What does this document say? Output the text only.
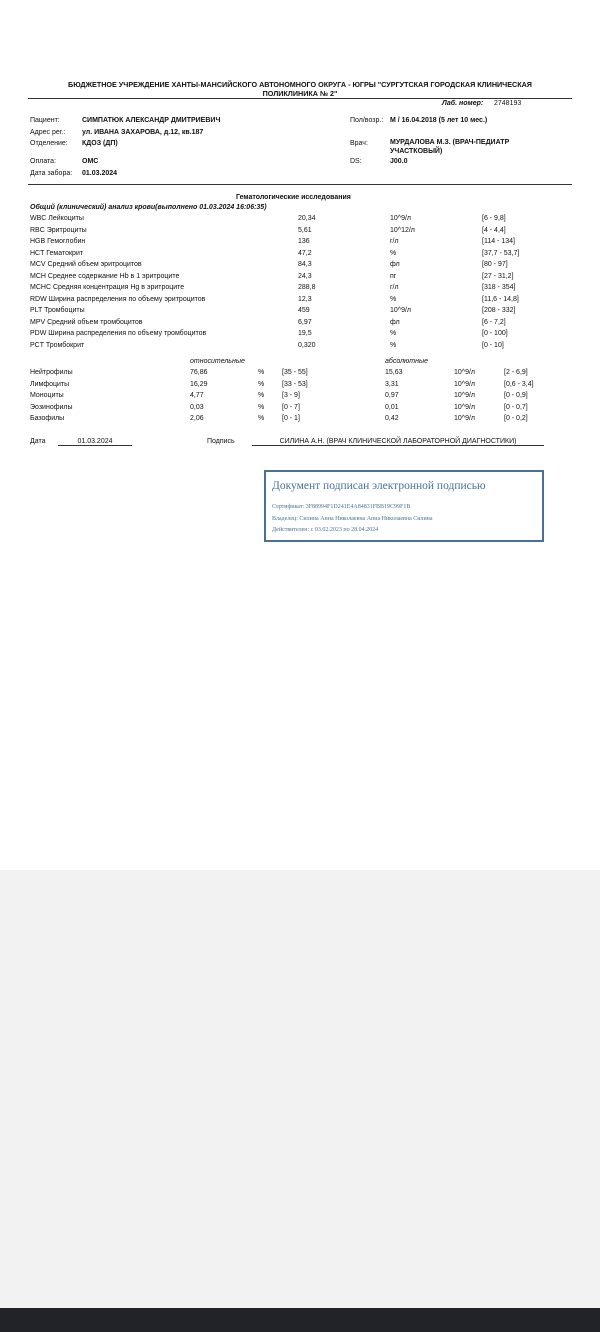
БЮДЖЕТНОЕ УЧРЕЖДЕНИЕ ХАНТЫ-МАНСИЙСКОГО АВТОНОМНОГО ОКРУГА - ЮГРЫ "СУРГУТСКАЯ ГОРОДСКАЯ КЛИНИЧЕСКАЯ
ПОЛИКЛИНИКА № 2"
Лаб. номер: 2748193
Пациент:	СИМПАТЮК АЛЕКСАНДР ДМИТРИЕВИЧ
Адрес рег.: ул. ИВАНА ЗАХАРОВА, д.12, кв.187
Отделение: КДОЗ (ДП)
Оплата:	ОМС
Дата забора: 01.03.2024
Пол/возр.: М / 16.04.2018 (5 лет 10 мес.)
Врач:	МУРДАЛОВА М.З. (ВРАЧ-ПЕДИАТР
УЧАСТКОВЫЙ)
DS:	J00.0
Гематологические исследования
Общий (клинический) анализ крови(выполнено 01.03.2024 16:06:35)
WBC Лейкоциты	20,34	10^9/л	[6 - 9,8]
RBC Эритроциты	5,61	10^12/л	[4 - 4,4]
HGB Гемоглобин	136	г/л	[114 - 134]
HCT Гематокрит	47,2	%	[37,7 - 53,7]
MCV Средний объем эритроцитов	84,3	фл	[80 - 97]
MCH Среднее содержание Hb в 1 эритроците	24,3	пг	[27 - 31,2]
MCHC Средняя концентрация Hg в эритроците	288,8	г/л	[318 - 354]
RDW Ширина распределения по объему эритроцитов	12,3	%	[11,6 - 14,8]
PLT Тромбоциты	459	10^9/л	[208 - 332]
MPV Средний объем тромбоцитов	6,97	фл	[6 - 7,2]
PDW Ширина распределения по объему тромбоцитов	19,5	%	[0 - 100]
PCT Тромбокрит	0,320	%	[0 - 10]
относительные	абсолютные
Нейтрофилы	76,86	%	[35 - 55]	15,63	10^9/л	[2 - 6,9]
Лимфоциты	16,29	%	[33 - 53]	3,31	10^9/л	[0,6 - 3,4]
Моноциты	4,77	%	[3 - 9]	0,97	10^9/л	[0 - 0,9]
Эозинофилы	0,03	%	[0 - 7]	0,01	10^9/л	[0 - 0,7]
Базофилы	2,06	%	[0 - 1]	0,42	10^9/л	[0 - 0,2]
Дата	01.03.2024	Подпись	СИЛИНА А.Н. (ВРАЧ КЛИНИЧЕСКОЙ ЛАБОРАТОРНОЙ ДИАГНОСТИКИ)
Документ подписан электронной подписью
Сертификат: 3F88994F1D241E4A84831FBB19C99F1B
Владелец: Силина Анна Николаевна Анна Николаевна Силина
Действителен: с 03.02.2023 по 28.04.2024
